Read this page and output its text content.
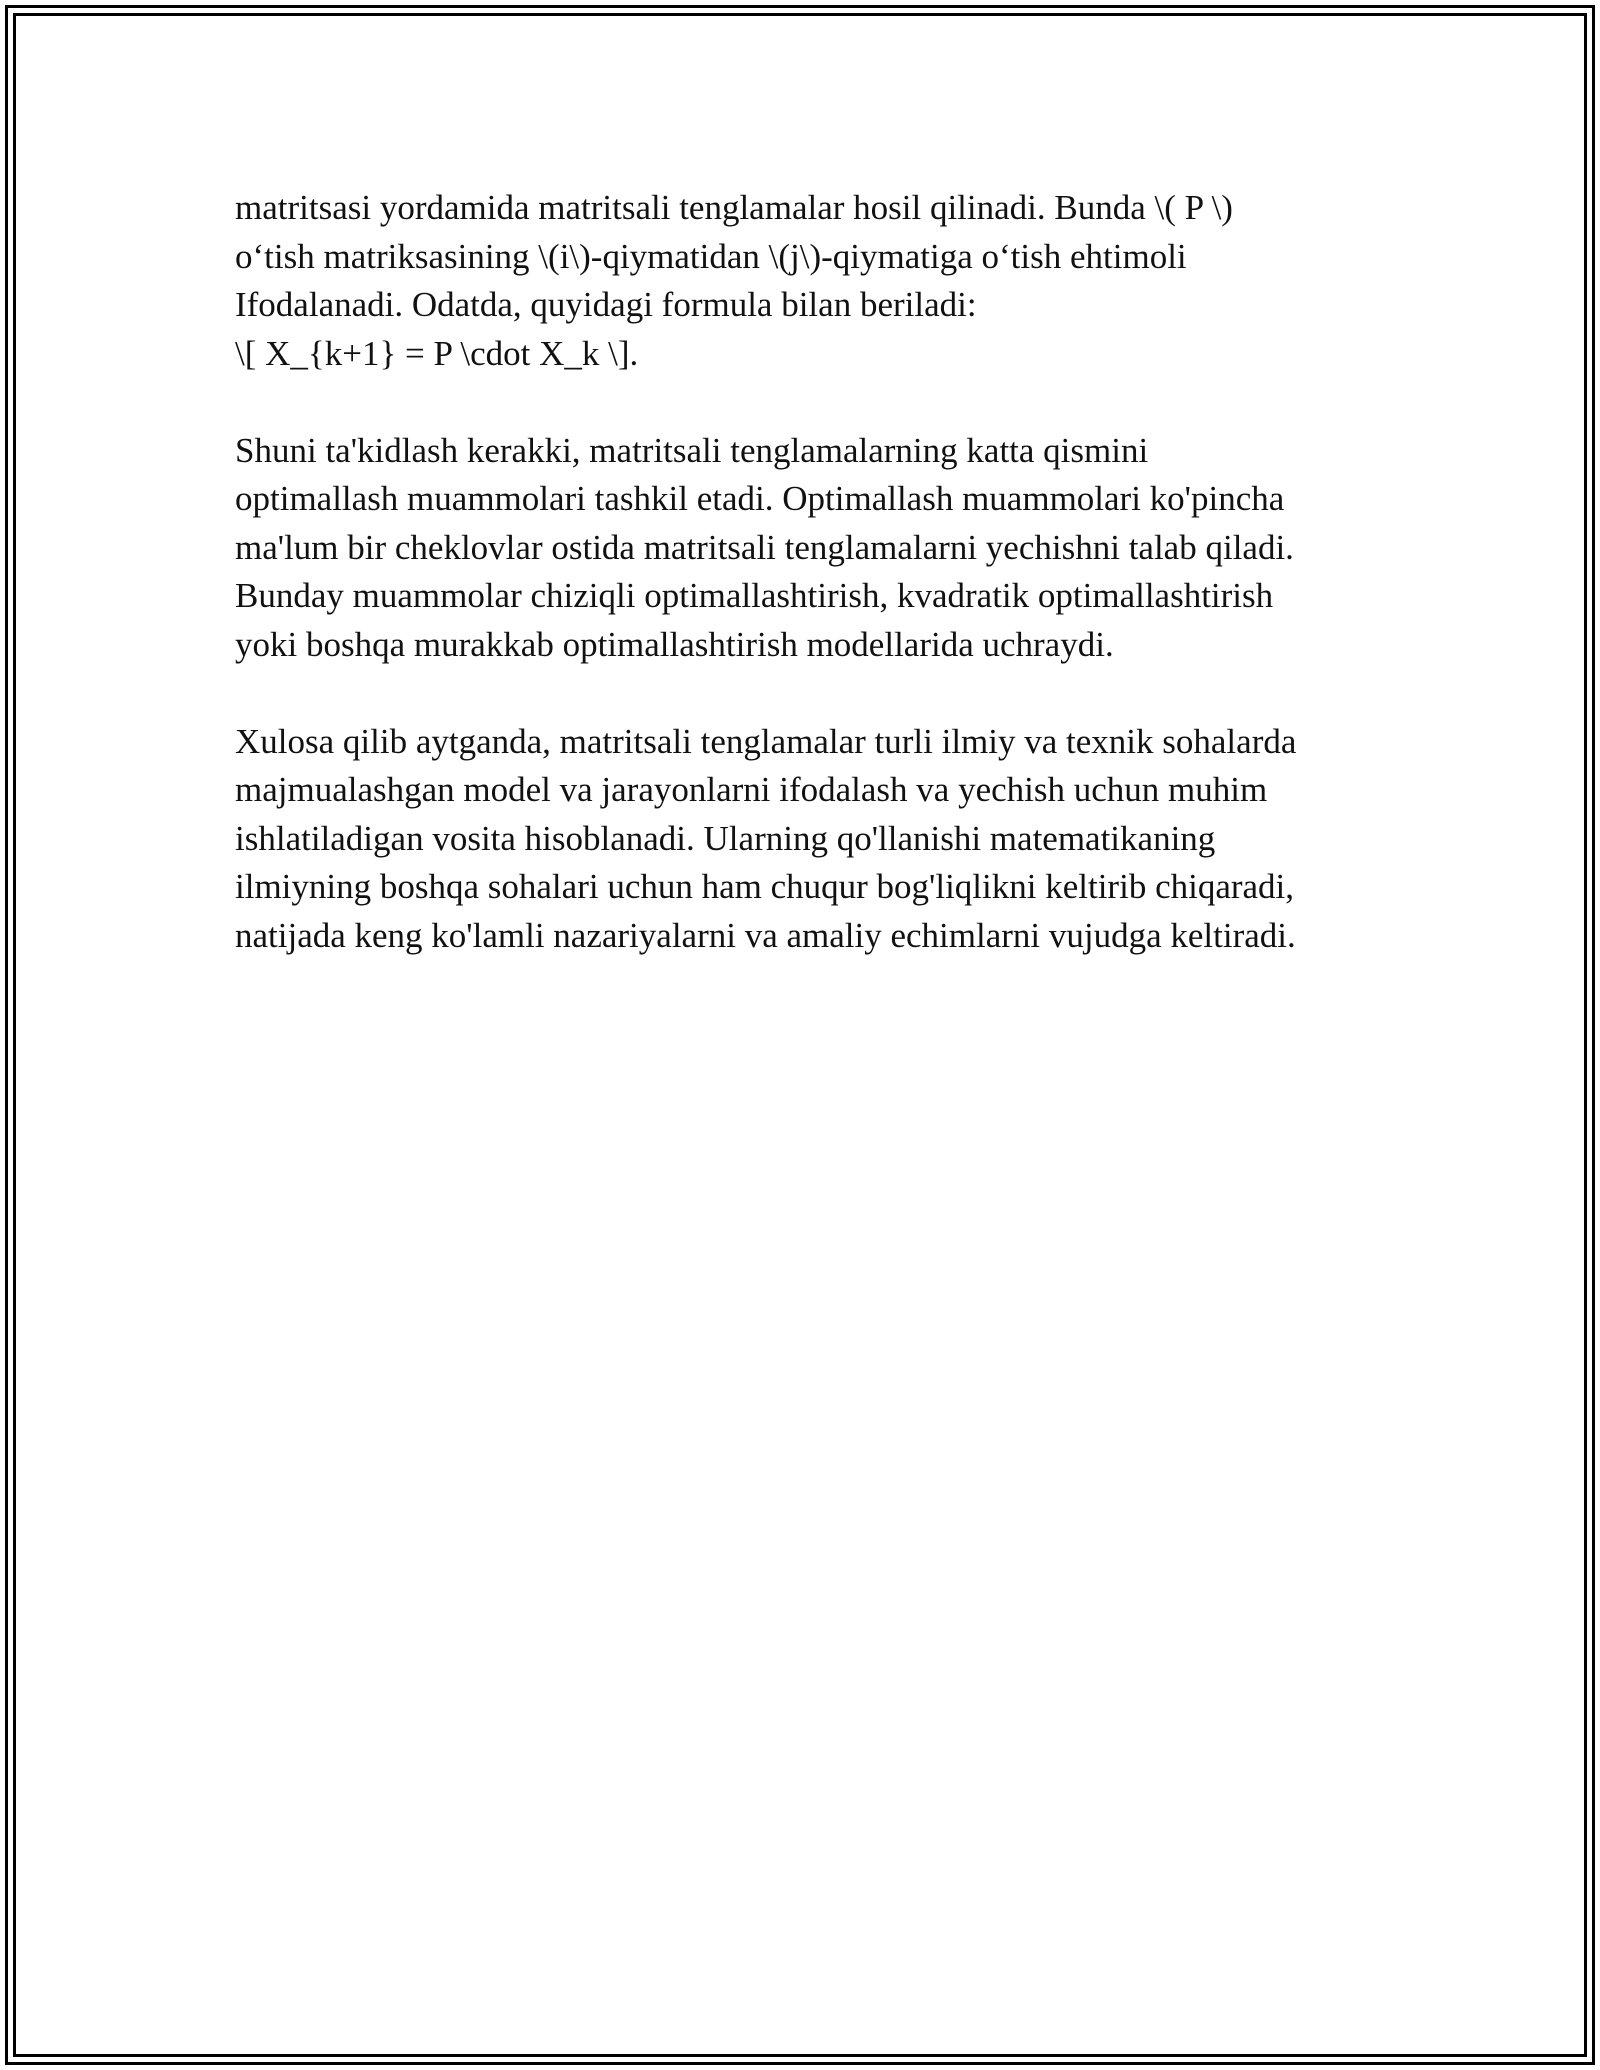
matritsasi yordamida matritsali tenglamalar hosil qilinadi. Bunda \( P \)
o‘tish matriksasining \(i\)-qiymatidan \(j\)-qiymatiga o‘tish ehtimoli
Ifodalanadi. Odatda, quyidagi formula bilan beriladi:
\[ X_{k+1} = P \cdot X_k \].
Shuni ta'kidlash kerakki, matritsali tenglamalarning katta qismini
optimallash muammolari tashkil etadi. Optimallash muammolari ko'pincha
ma'lum bir cheklovlar ostida matritsali tenglamalarni yechishni talab qiladi.
Bunday muammolar chiziqli optimallashtirish, kvadratik optimallashtirish
yoki boshqa murakkab optimallashtirish modellarida uchraydi.
Xulosa qilib aytganda, matritsali tenglamalar turli ilmiy va texnik sohalarda
majmualashgan model va jarayonlarni ifodalash va yechish uchun muhim
ishlatiladigan vosita hisoblanadi. Ularning qo'llanishi matematikaning
ilmiyning boshqa sohalari uchun ham chuqur bog'liqlikni keltirib chiqaradi,
natijada keng ko'lamli nazariyalarni va amaliy echimlarni vujudga keltiradi.
